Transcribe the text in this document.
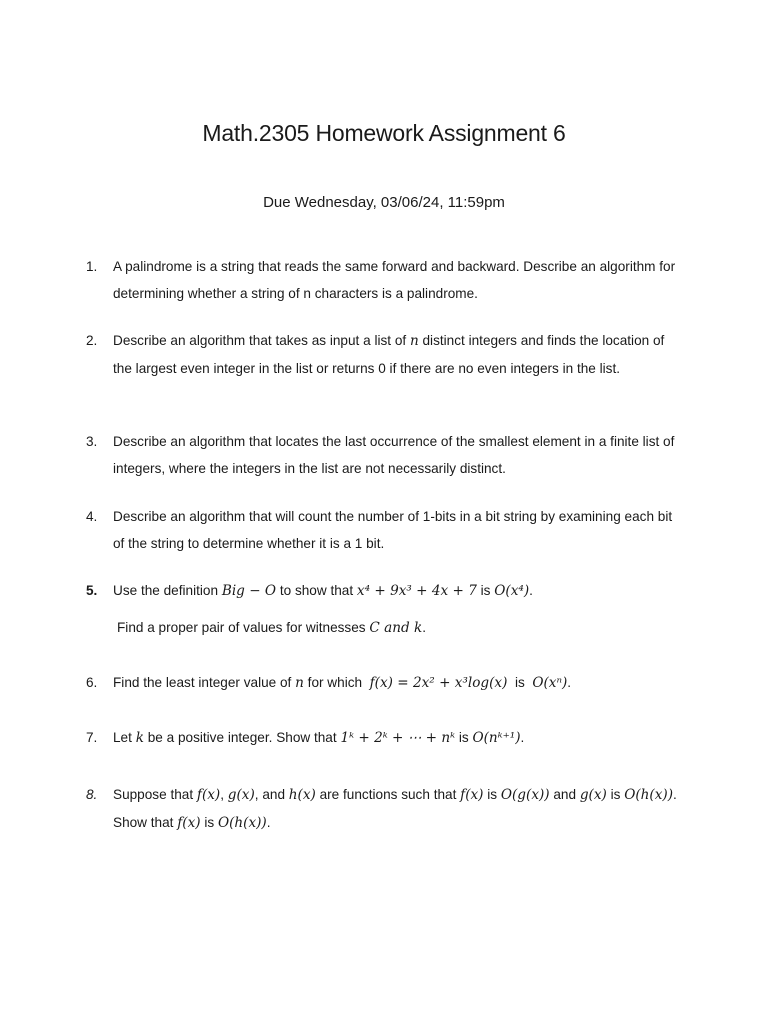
Math.2305 Homework Assignment 6
Due Wednesday, 03/06/24, 11:59pm
1.	A palindrome is a string that reads the same forward and backward. Describe an algorithm for determining whether a string of n characters is a palindrome.
2.	Describe an algorithm that takes as input a list of n distinct integers and finds the location of the largest even integer in the list or returns 0 if there are no even integers in the list.
3.	Describe an algorithm that locates the last occurrence of the smallest element in a finite list of integers, where the integers in the list are not necessarily distinct.
4.	Describe an algorithm that will count the number of 1-bits in a bit string by examining each bit of the string to determine whether it is a 1 bit.
5.	Use the definition Big − O to show that x⁴ + 9x³ + 4x + 7 is O(x⁴).
Find a proper pair of values for witnesses C and k.
6.	Find the least integer value of n for which f(x) = 2x² + x³log(x) is O(xⁿ).
7.	Let k be a positive integer. Show that 1ᵏ + 2ᵏ + ⋯ + nᵏ is O(nᵏ⁺¹).
8.	Suppose that f(x), g(x), and h(x) are functions such that f(x) is O(g(x)) and g(x) is O(h(x)). Show that f(x) is O(h(x)).
